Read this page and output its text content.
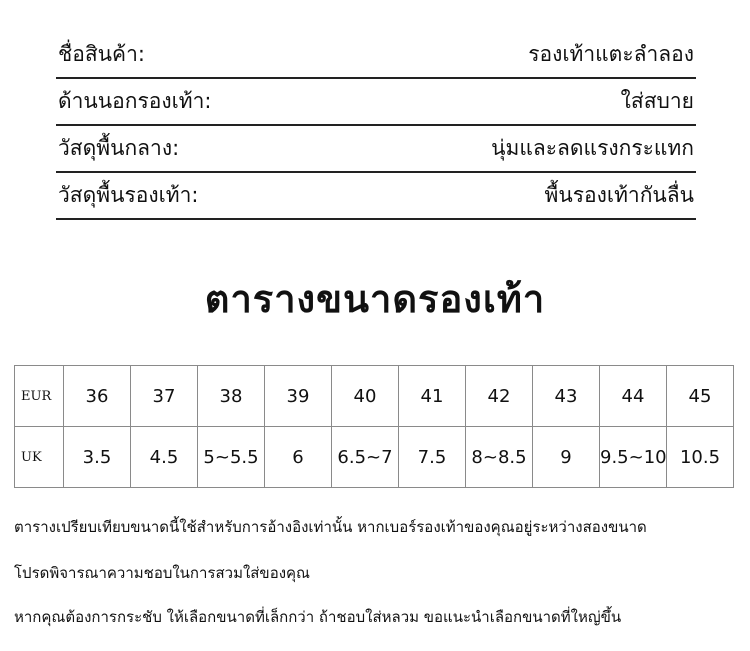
ชื่อสินค้า:	รองเท้าแตะลำลอง
ด้านนอกรองเท้า:	ใส่สบาย
วัสดุพื้นกลาง:	นุ่มและลดแรงกระแทก
วัสดุพื้นรองเท้า:	พื้นรองเท้ากันลื่น
ตารางขนาดรองเท้า
EUR	36	37	38	39	40	41	42	43	44	45
UK	3.5	4.5	5~5.5	6	6.5~7	7.5	8~8.5	9	9.5~10	10.5
ตารางเปรียบเทียบขนาดนี้ใช้สำหรับการอ้างอิงเท่านั้น หากเบอร์รองเท้าของคุณอยู่ระหว่างสองขนาด
โปรดพิจารณาความชอบในการสวมใส่ของคุณ
หากคุณต้องการกระชับ ให้เลือกขนาดที่เล็กกว่า ถ้าชอบใส่หลวม ขอแนะนำเลือกขนาดที่ใหญ่ขึ้น
